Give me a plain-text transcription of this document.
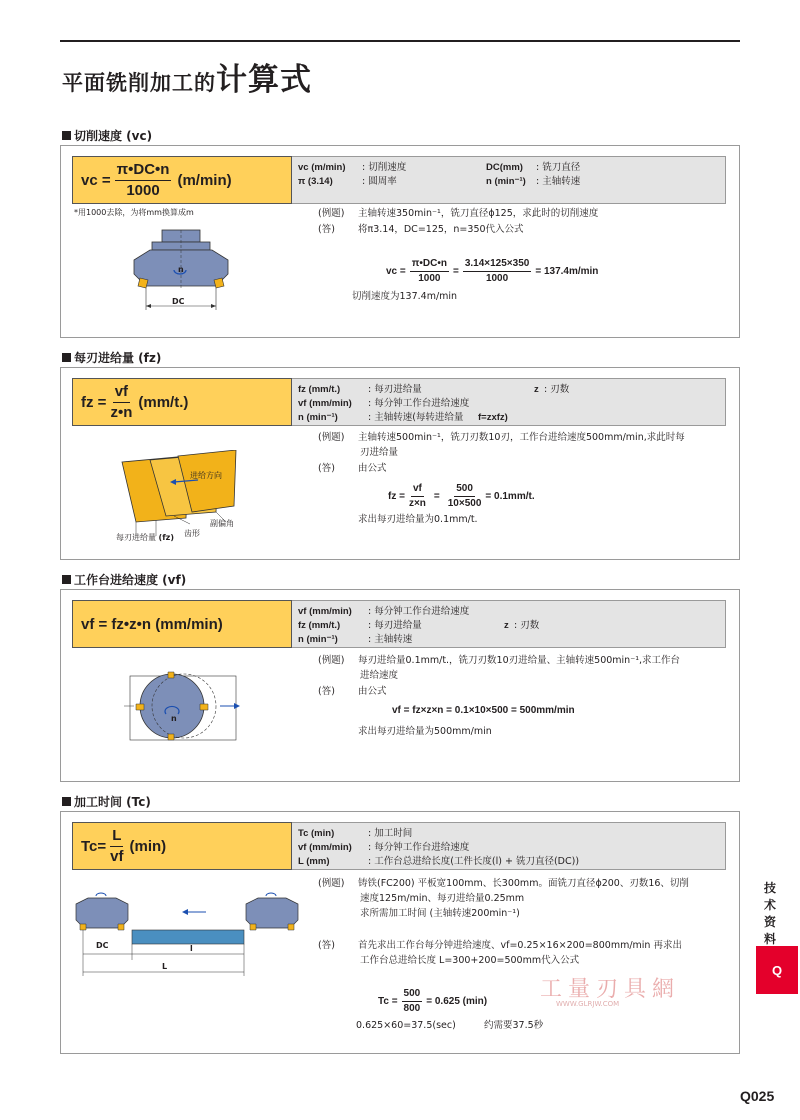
平面铣削加工的计算式
切削速度 (vc)
vc = $\frac{\pi•DC•n}{1000} (m/\min)$
vc (m/min) : 切削速度	DC(mm) : 铣刀直径
π (3.14)	: 圆周率	n (min⁻¹) : 主轴转速
*用1000去除，为将mm换算成m
n
DC
(例题) 主轴转速350min⁻¹，铣刀直径ϕ125，求此时的切削速度
(答) 将π3.14，DC=125，n=350代入公式
vc = $\frac{\pi•DC•n}{1000} = \frac{3.14\times 125\times 350}{1000} = 137.4m/\min$
切削速度为137.4m/min
每刃进给量 (fz)
fz = $\frac{vf}{z•n} (mm/t.)$
fz (mm/t.)	: 每刃进给量	z : 刃数
vf (mm/min) : 每分钟工作台进给速度
n (min⁻¹)	: 主轴转速(每转进给量 f=zxfz)
进给方向
每刃进给量 (fz) 齿形
副偏角
(例题) 主轴转速500min⁻¹，铣刀刃数10刃，工作台进给速度500mm/min,求此时每
刃进给量
(答) 由公式
fz = $\frac{vf}{z\times n} = \frac{500}{10\times 500} = 0.1mm/t$.
求出每刃进给量为0.1mm/t.
工作台进给速度 (vf)
vf = fz•z•n (mm/min)
vf (mm/min) : 每分钟工作台进给速度
fz (mm/t.)	: 每刃进给量	z : 刃数
n (min⁻¹)	: 主轴转速
n
(例题) 每刃进给量0.1mm/t.，铣刀刃数10刃进给量、主轴转速500min⁻¹,求工作台
进给速度
(答) 由公式
vf = fz×z×n = 0.1×10×500 = 500mm/min
求出每刃进给量为500mm/min
加工时间 (Tc)
$Tc= \frac{L}{vf} (\min)$
Tc (min)	: 加工时间
vf (mm/min) : 每分钟工作台进给速度
L (mm)	: 工作台总进给长度(工件长度(l) + 铣刀直径(DC))
DC	l
L
(例题) 铸铁(FC200) 平板宽100mm、长300mm。面铣刀直径ϕ200、刃数16、切削
速度125m/min、每刃进给量0.25mm
求所需加工时间 (主轴转速200min⁻¹)
(答) 首先求出工作台每分钟进给速度、vf=0.25×16×200=800mm/min 再求出
工作台总进给长度 L=300+200=500mm代入公式
$Tc = \frac{500}{800} = 0.625$ (min)
0.625×60=37.5(sec)	约需要37.5秒
工量刃具網
WWW.GLRJW.COM
技术资料
Q
Q025
